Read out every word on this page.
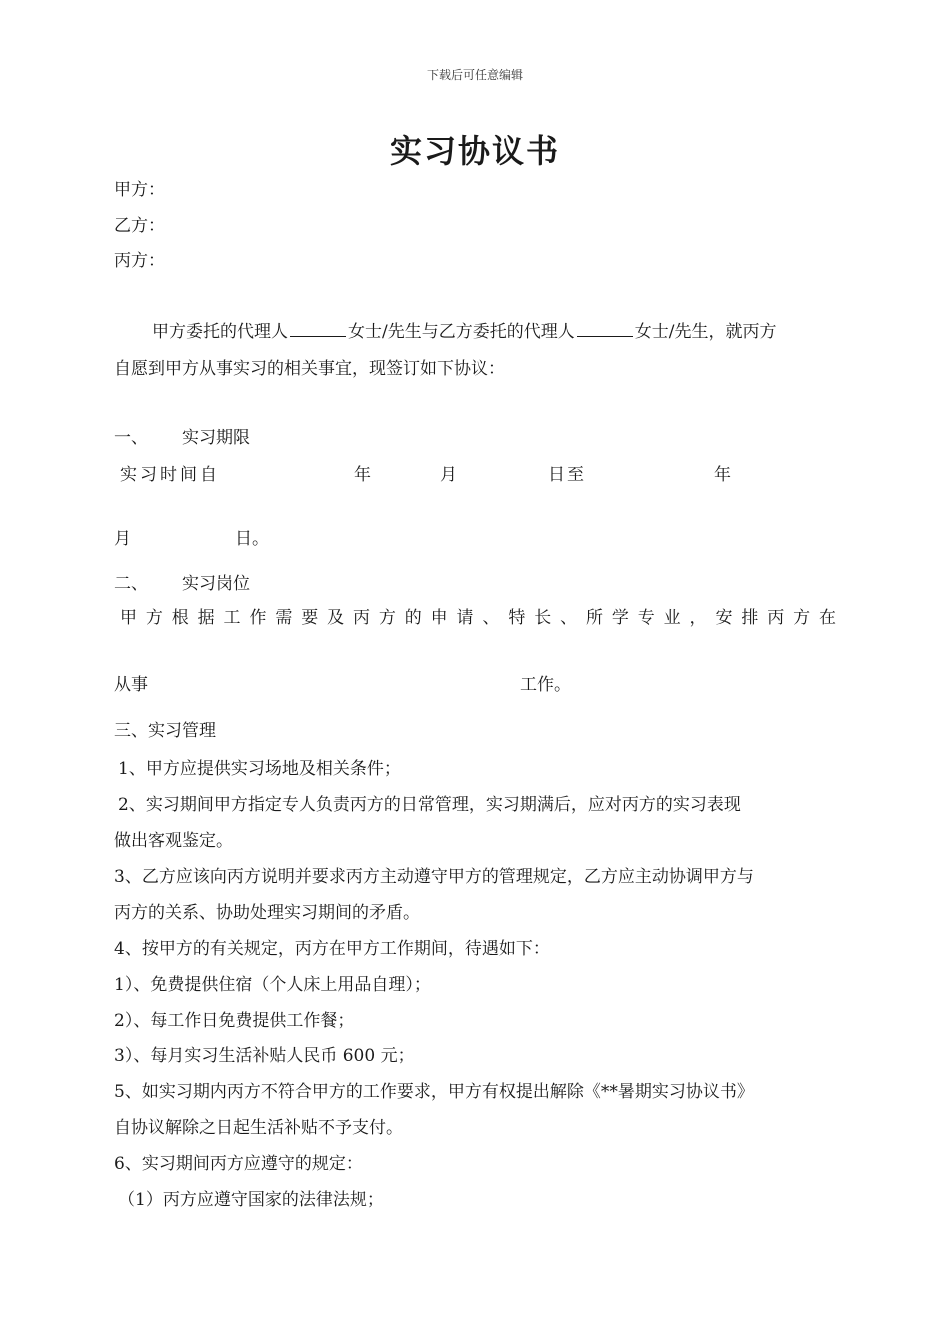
下载后可任意编辑
实习协议书
甲方：
乙方：
丙方：
甲方委托的代理人	女士/先生与乙方委托的代理人	女士/先生，就丙方
自愿到甲方从事实习的相关事宜，现签订如下协议：
一、 实习期限
实习时间自	年	月	日至	年
月	日。
二、 实习岗位
甲方根据工作需要及丙方的申请、特长、所学专业，安排丙方在
从事	工作。
三、实习管理
1、甲方应提供实习场地及相关条件；
2、实习期间甲方指定专人负责丙方的日常管理，实习期满后，应对丙方的实习表现
做出客观鉴定。
3、乙方应该向丙方说明并要求丙方主动遵守甲方的管理规定，乙方应主动协调甲方与
丙方的关系、协助处理实习期间的矛盾。
4、按甲方的有关规定，丙方在甲方工作期间，待遇如下：
1）、免费提供住宿（个人床上用品自理）；
2）、每工作日免费提供工作餐；
3）、每月实习生活补贴人民币 600 元；
5、如实习期内丙方不符合甲方的工作要求，甲方有权提出解除《**暑期实习协议书》
自协议解除之日起生活补贴不予支付。
6、实习期间丙方应遵守的规定：
（1）丙方应遵守国家的法律法规；
